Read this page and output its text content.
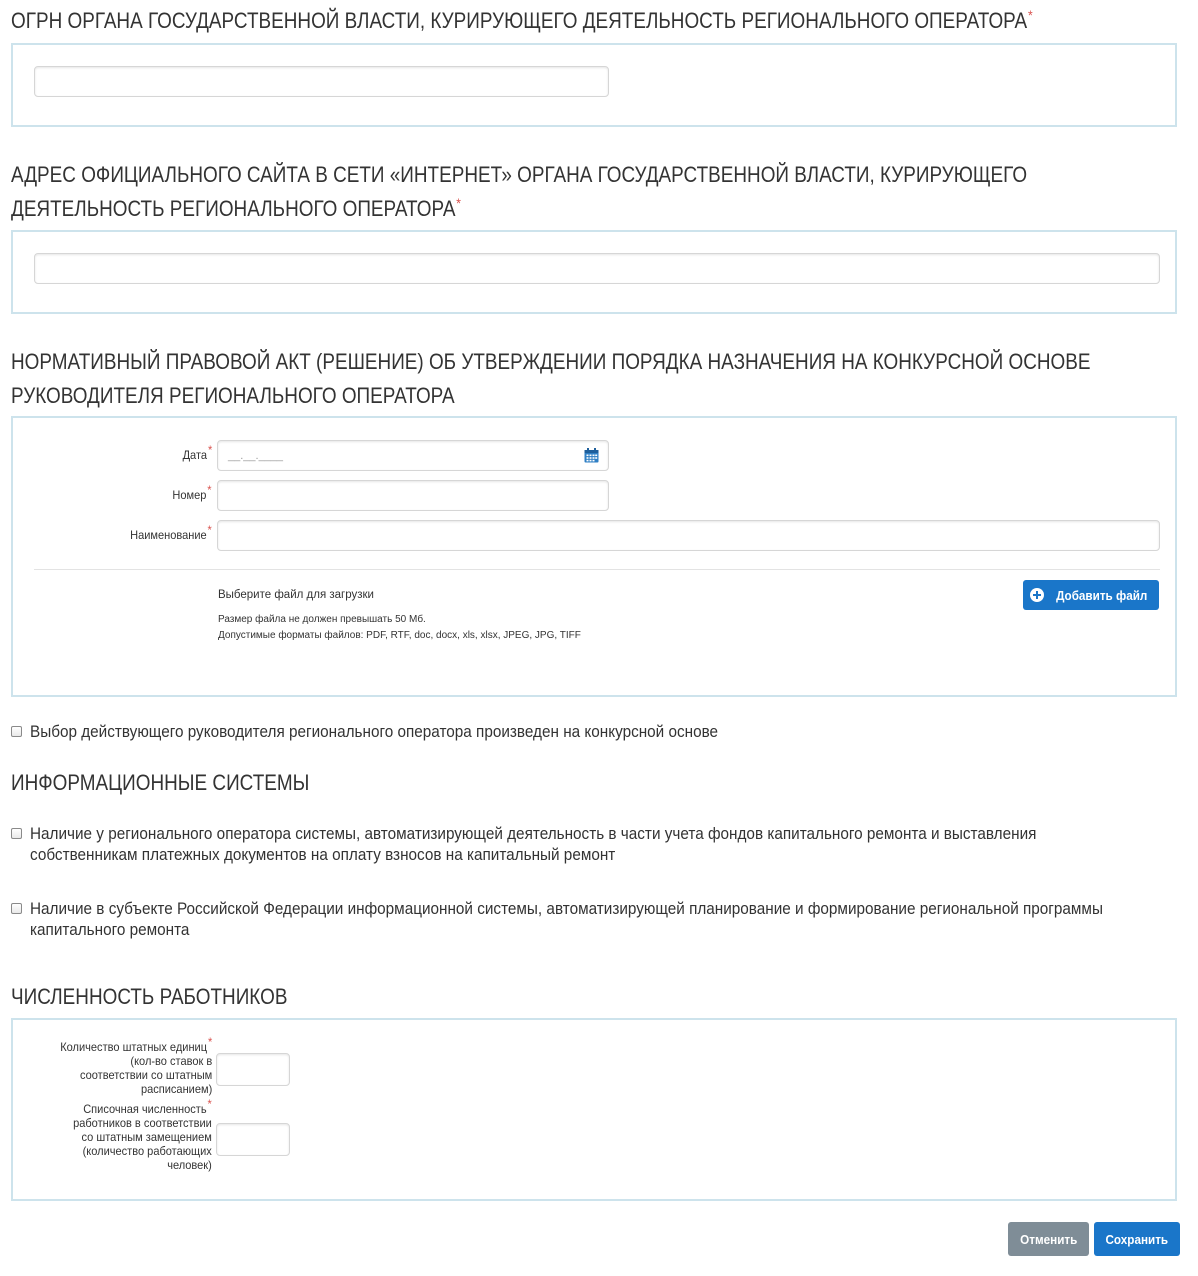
ОГРН ОРГАНА ГОСУДАРСТВЕННОЙ ВЛАСТИ, КУРИРУЮЩЕГО ДЕЯТЕЛЬНОСТЬ РЕГИОНАЛЬНОГО ОПЕРАТОРА*
АДРЕС ОФИЦИАЛЬНОГО САЙТА В СЕТИ «ИНТЕРНЕТ» ОРГАНА ГОСУДАРСТВЕННОЙ ВЛАСТИ, КУРИРУЮЩЕГО
ДЕЯТЕЛЬНОСТЬ РЕГИОНАЛЬНОГО ОПЕРАТОРА*
НОРМАТИВНЫЙ ПРАВОВОЙ АКТ (РЕШЕНИЕ) ОБ УТВЕРЖДЕНИИ ПОРЯДКА НАЗНАЧЕНИЯ НА КОНКУРСНОЙ ОСНОВЕ
РУКОВОДИТЕЛЯ РЕГИОНАЛЬНОГО ОПЕРАТОРА
Дата* __.__.____
Номер*
Наименование*
Выберите файл для загрузки
Размер файла не должен превышать 50 Мб.
Допустимые форматы файлов: PDF, RTF, doc, docx, xls, xlsx, JPEG, JPG, TIFF
Добавить файл
Выбор действующего руководителя регионального оператора произведен на конкурсной основе
ИНФОРМАЦИОННЫЕ СИСТЕМЫ
Наличие у регионального оператора системы, автоматизирующей деятельность в части учета фондов капитального ремонта и выставления
собственникам платежных документов на оплату взносов на капитальный ремонт
Наличие в субъекте Российской Федерации информационной системы, автоматизирующей планирование и формирование региональной программы
капитального ремонта
ЧИСЛЕННОСТЬ РАБОТНИКОВ
Количество штатных единиц*
(кол-во ставок в
соответствии со штатным
расписанием)
Списочная численность*
работников в соответствии
со штатным замещением
(количество работающих
человек)
Отменить Сохранить
